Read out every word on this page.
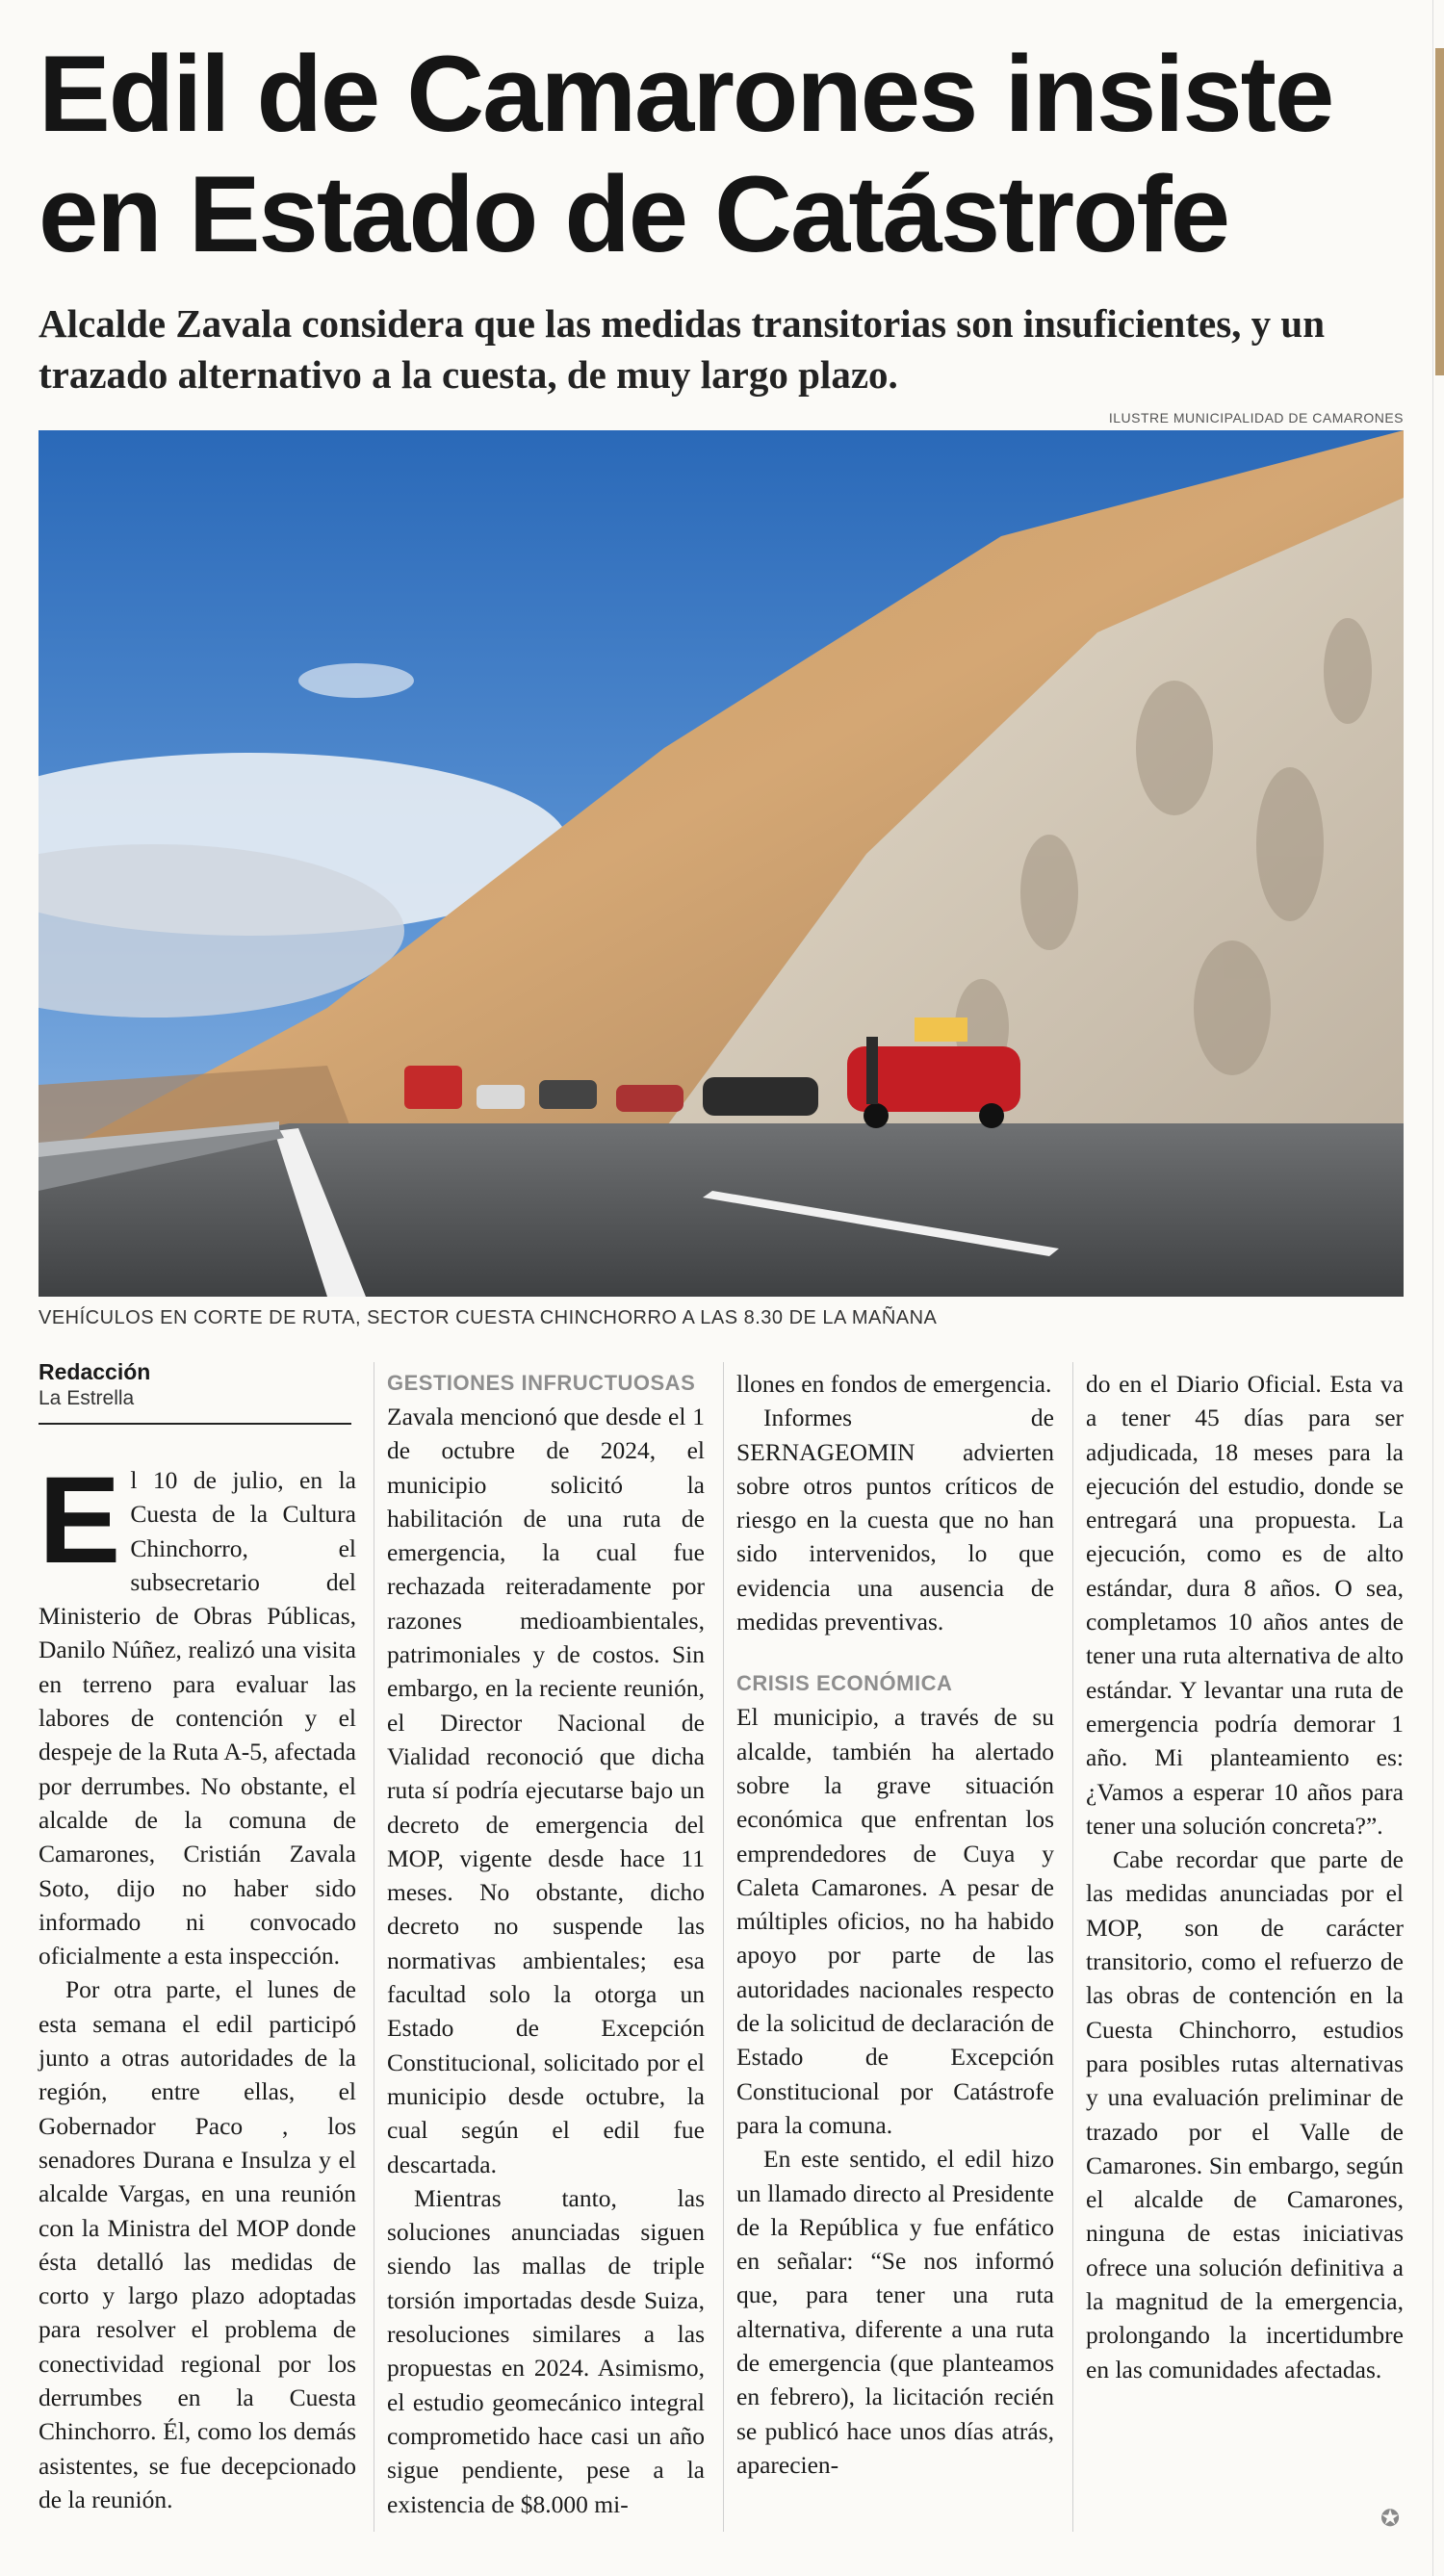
Edil de Camarones insiste en Estado de Catástrofe
Alcalde Zavala considera que las medidas transitorias son insuficientes, y un trazado alternativo a la cuesta, de muy largo plazo.
ILUSTRE MUNICIPALIDAD DE CAMARONES
VEHÍCULOS EN CORTE DE RUTA, SECTOR CUESTA CHINCHORRO A LAS 8.30 DE LA MAÑANA
Redacción
La Estrella
E l 10 de julio, en la Cuesta de la Cultura Chinchorro, el subsecretario del Ministerio de Obras Públicas, Danilo Núñez, realizó una visita en terreno para evaluar las labores de contención y el despeje de la Ruta A-5, afectada por derrumbes. No obstante, el alcalde de la comuna de Camarones, Cristián Zavala Soto, dijo no haber sido informado ni convocado oficialmente a esta inspección.

Por otra parte, el lunes de esta semana el edil participó junto a otras autoridades de la región, entre ellas, el Gobernador Paco , los senadores Durana e Insulza y el alcalde Vargas, en una reunión con la Ministra del MOP donde ésta detalló las medidas de corto y largo plazo adoptadas para resolver el problema de conectividad regional por los derrumbes en la Cuesta Chinchorro. Él, como los demás asistentes, se fue decepcionado de la reunión.

GESTIONES INFRUCTUOSAS

Zavala mencionó que desde el 1 de octubre de 2024, el municipio solicitó la habilitación de una ruta de emergencia, la cual fue rechazada reiteradamente por razones medioambientales, patrimoniales y de costos. Sin embargo, en la reciente reunión, el Director Nacional de Vialidad reconoció que dicha ruta sí podría ejecutarse bajo un decreto de emergencia del MOP, vigente desde hace 11 meses. No obstante, dicho decreto no suspende las normativas ambientales; esa facultad solo la otorga un Estado de Excepción Constitucional, solicitado por el municipio desde octubre, la cual según el edil fue descartada.

Mientras tanto, las soluciones anunciadas siguen siendo las mallas de triple torsión importadas desde Suiza, resoluciones similares a las propuestas en 2024. Asimismo, el estudio geomecánico integral comprometido hace casi un año sigue pendiente, pese a la existencia de $8.000 mi-

llones en fondos de emergencia.

Informes de SERNAGEOMIN advierten sobre otros puntos críticos de riesgo en la cuesta que no han sido intervenidos, lo que evidencia una ausencia de medidas preventivas.

CRISIS ECONÓMICA

El municipio, a través de su alcalde, también ha alertado sobre la grave situación económica que enfrentan los emprendedores de Cuya y Caleta Camarones. A pesar de múltiples oficios, no ha habido apoyo por parte de las autoridades nacionales respecto de la solicitud de declaración de Estado de Excepción Constitucional por Catástrofe para la comuna.

En este sentido, el edil hizo un llamado directo al Presidente de la República y fue enfático en señalar: “Se nos informó que, para tener una ruta alternativa, diferente a una ruta de emergencia (que planteamos en febrero), la licitación recién se publicó hace unos días atrás, aparecien-

do en el Diario Oficial. Esta va a tener 45 días para ser adjudicada, 18 meses para la ejecución del estudio, donde se entregará una propuesta. La ejecución, como es de alto estándar, dura 8 años. O sea, completamos 10 años antes de tener una ruta alternativa de alto estándar. Y levantar una ruta de emergencia podría demorar 1 año. Mi planteamiento es: ¿Vamos a esperar 10 años para tener una solución concreta?”.

Cabe recordar que parte de las medidas anunciadas por el MOP, son de carácter transitorio, como el refuerzo de las obras de contención en la Cuesta Chinchorro, estudios para posibles rutas alternativas y una evaluación preliminar de trazado por el Valle de Camarones. Sin embargo, según el alcalde de Camarones, ninguna de estas iniciativas ofrece una solución definitiva a la magnitud de la emergencia, prolongando la incertidumbre en las comunidades afectadas.

✪
